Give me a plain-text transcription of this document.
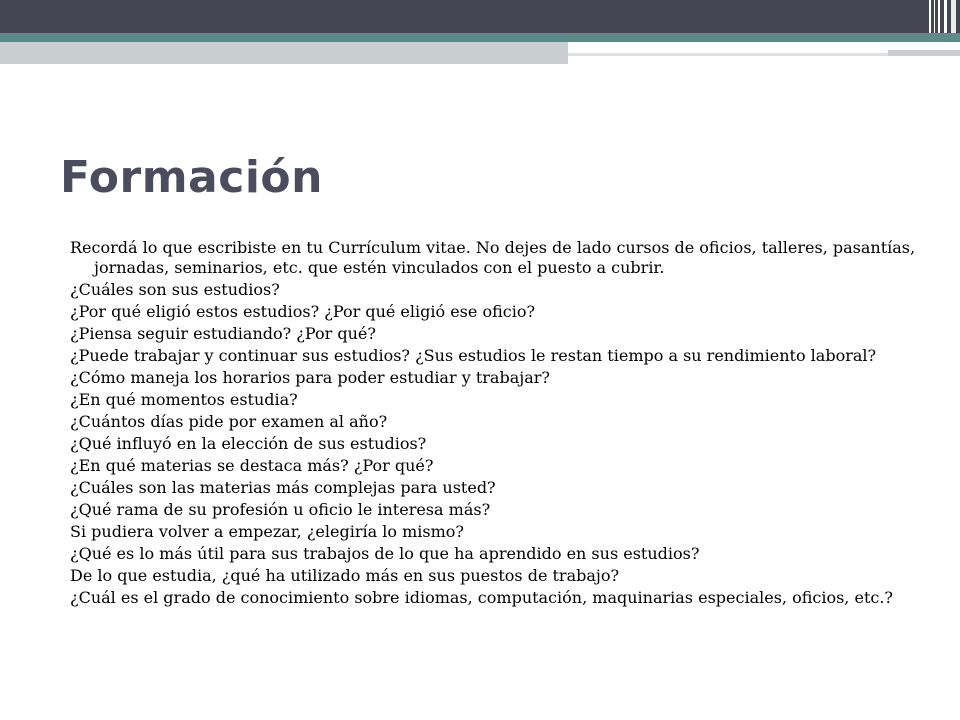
Formación
Recordá lo que escribiste en tu Currículum vitae. No dejes de lado cursos de oficios, talleres, pasantías, jornadas, seminarios, etc. que estén vinculados con el puesto a cubrir.
¿Cuáles son sus estudios?
¿Por qué eligió estos estudios? ¿Por qué eligió ese oficio?
¿Piensa seguir estudiando? ¿Por qué?
¿Puede trabajar y continuar sus estudios? ¿Sus estudios le restan tiempo a su rendimiento laboral?
¿Cómo maneja los horarios para poder estudiar y trabajar?
¿En qué momentos estudia?
¿Cuántos días pide por examen al año?
¿Qué influyó en la elección de sus estudios?
¿En qué materias se destaca más? ¿Por qué?
¿Cuáles son las materias más complejas para usted?
¿Qué rama de su profesión u oficio le interesa más?
Si pudiera volver a empezar, ¿elegiría lo mismo?
¿Qué es lo más útil para sus trabajos de lo que ha aprendido en sus estudios?
De lo que estudia, ¿qué ha utilizado más en sus puestos de trabajo?
¿Cuál es el grado de conocimiento sobre idiomas, computación, maquinarias especiales, oficios, etc.?
